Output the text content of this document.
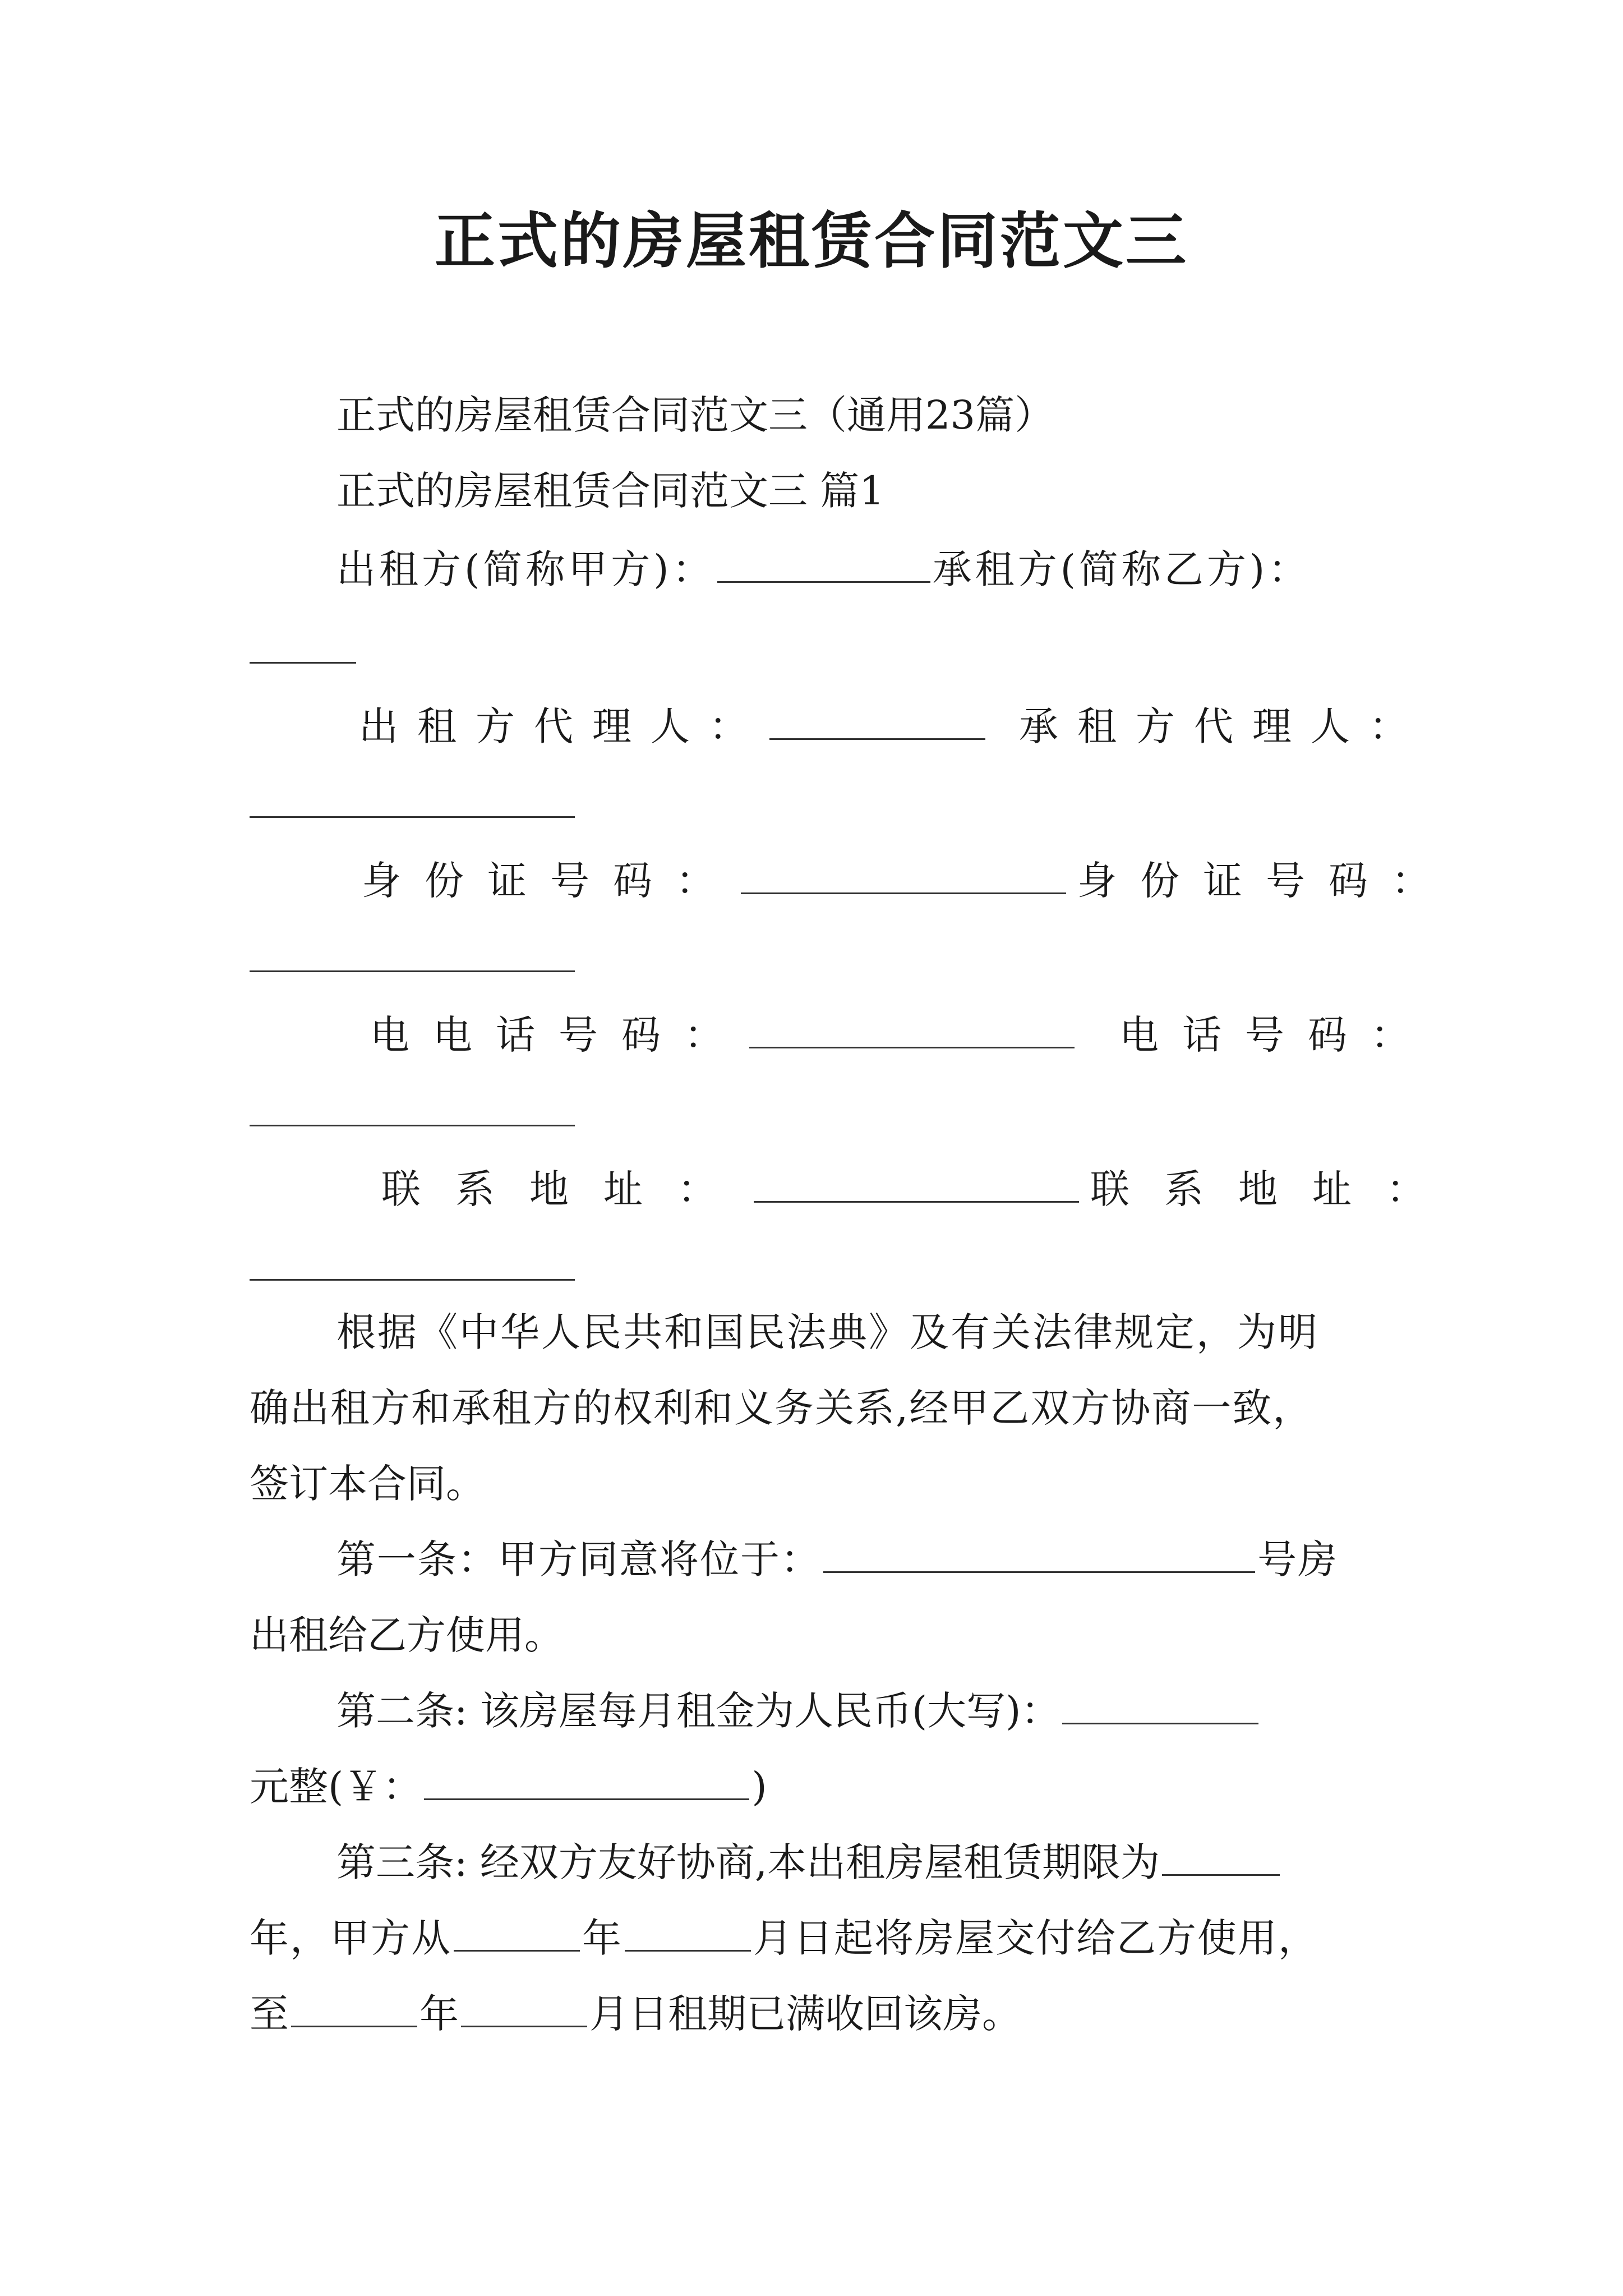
正式的房屋租赁合同范文三
正式的房屋租赁合同范文三（通用23篇）
正式的房屋租赁合同范文三 篇1
出租方(简称甲方)：	承租方(简称乙方)：
出租方代理人：	承租方代理人：
身份证号码：	身份证号码：
电电话号码：	电话号码：
联系地址：	联系地址：
根据《中华人民共和国民法典》及有关法律规定，为明
确出租方和承租方的权利和义务关系,经甲乙双方协商一致，
签订本合同。
第一条：甲方同意将位于：	号房
出租给乙方使用。
第二条: 该房屋每月租金为人民币(大写)：
元整(￥：	)
第三条: 经双方友好协商,本出租房屋租赁期限为
年，甲方从	年	月日起将房屋交付给乙方使用，
至	年	月日租期已满收回该房。
